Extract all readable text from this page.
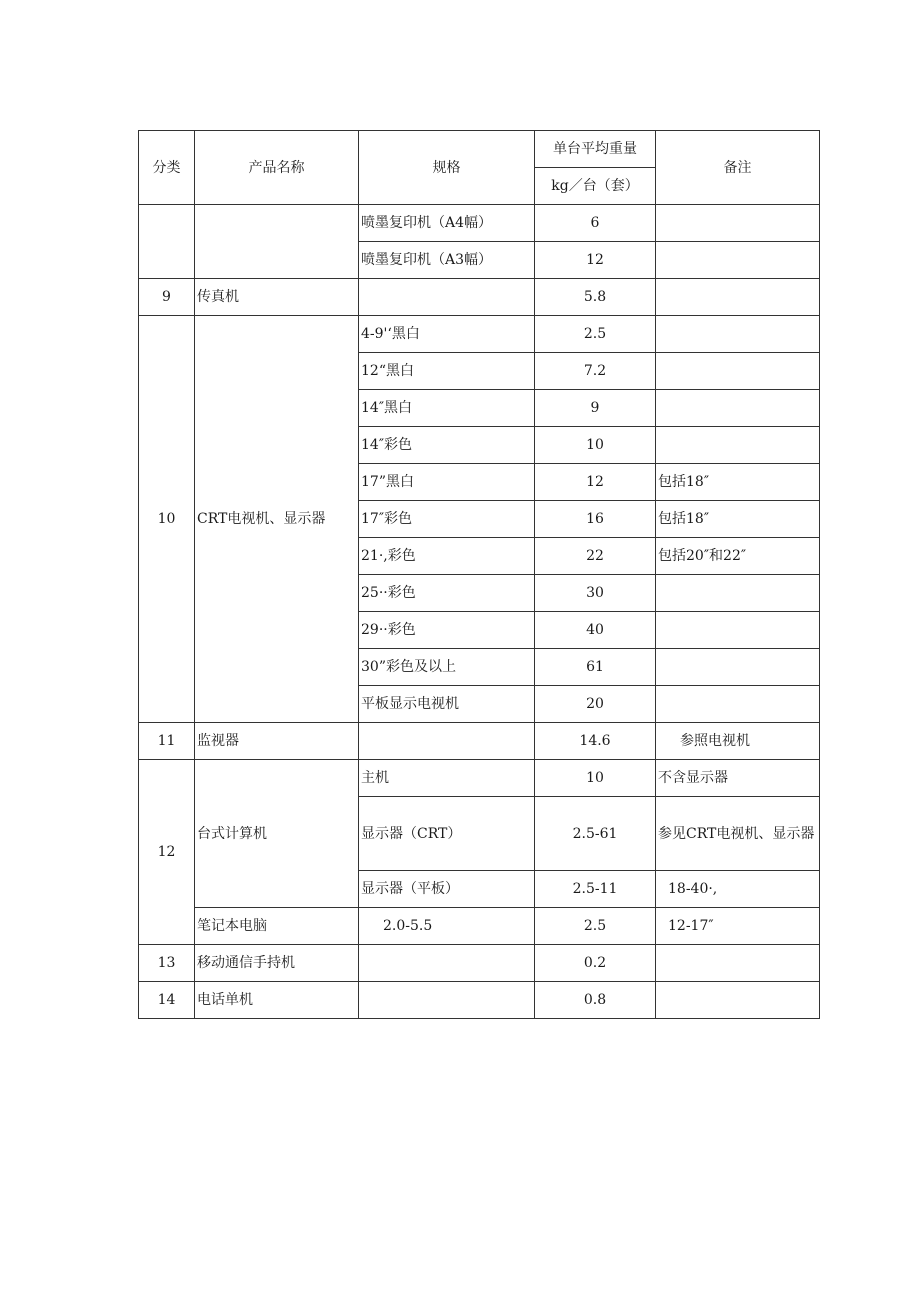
分类	产品名称	规格	单台平均重量	备注
			kg／台（套）	
		喷墨复印机（A4幅）	6	
		喷墨复印机（A3幅）	12	
9	传真机		5.8	
10	CRT电视机、显示器	4-9'‘黑白	2.5	
		12“黑白	7.2	
		14″黑白	9	
		14″彩色	10	
		17”黑白	12	包括18″
		17″彩色	16	包括18″
		21·,彩色	22	包括20″和22″
		25··彩色	30	
		29··彩色	40	
		30”彩色及以上	61	
		平板显示电视机	20	
11	监视器		14.6	参照电视机
12	台式计算机	主机	10	不含显示器
		显示器（CRT）	2.5-61	参见CRT电视机、显示器
		显示器（平板）	2.5-11	18-40·,
	笔记本电脑	2.0-5.5	2.5	12-17″
13	移动通信手持机		0.2	
14	电话单机		0.8	
